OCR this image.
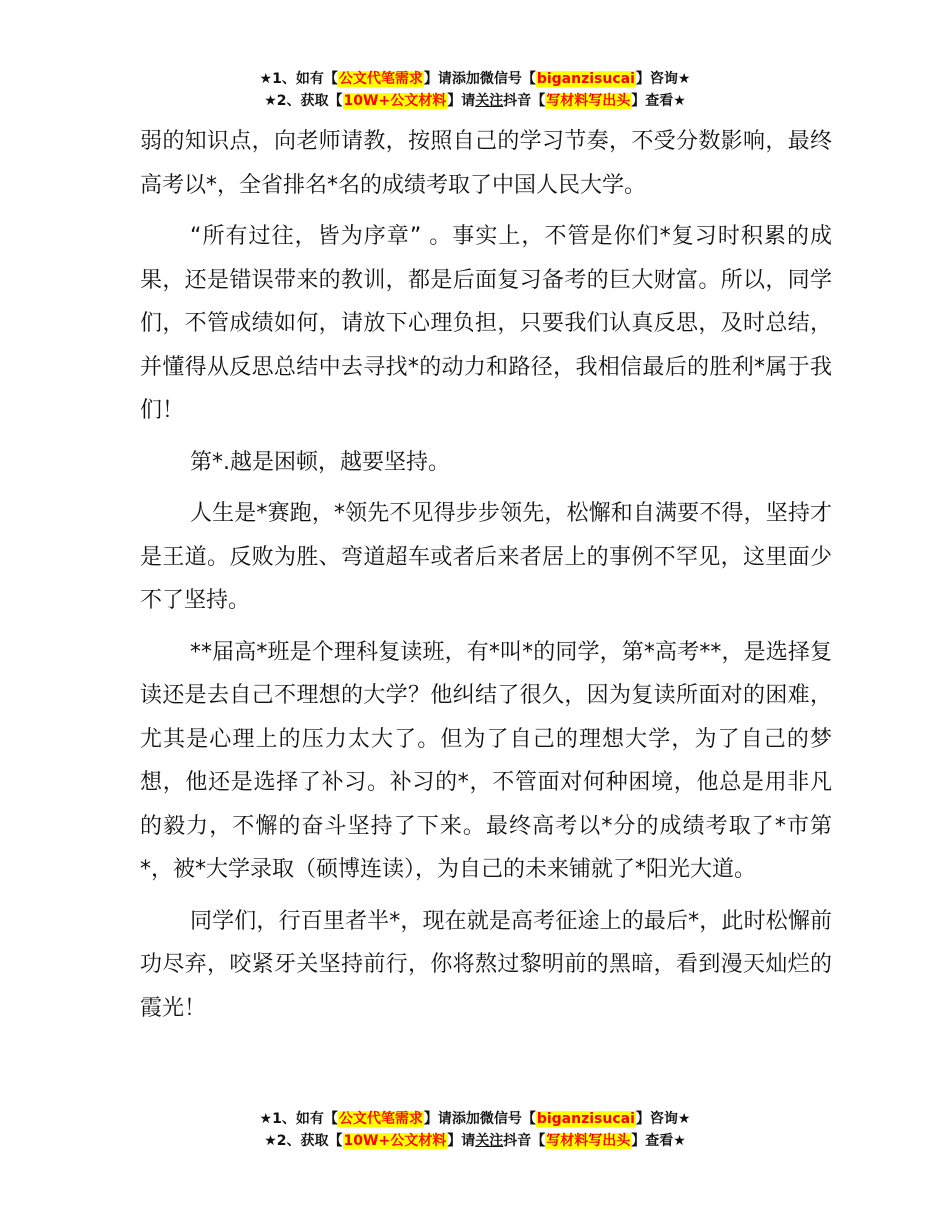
★1、如有【公文代笔需求】请添加微信号【biganzisucai】咨询★
★2、获取【10W+公文材料】请关注抖音【写材料写出头】查看★

弱的知识点，向老师请教，按照自己的学习节奏，不受分数影响，最终高考以*，全省排名*名的成绩考取了中国人民大学。

“所有过往，皆为序章” 。事实上，不管是你们*复习时积累的成果，还是错误带来的教训，都是后面复习备考的巨大财富。所以，同学们，不管成绩如何，请放下心理负担，只要我们认真反思，及时总结，并懂得从反思总结中去寻找*的动力和路径，我相信最后的胜利*属于我们！

第*.越是困顿，越要坚持。

人生是*赛跑，*领先不见得步步领先，松懈和自满要不得，坚持才是王道。反败为胜、弯道超车或者后来者居上的事例不罕见，这里面少不了坚持。

**届高*班是个理科复读班，有*叫*的同学，第*高考**，是选择复读还是去自己不理想的大学？他纠结了很久，因为复读所面对的困难，尤其是心理上的压力太大了。但为了自己的理想大学，为了自己的梦想，他还是选择了补习。补习的*，不管面对何种困境，他总是用非凡的毅力，不懈的奋斗坚持了下来。最终高考以*分的成绩考取了*市第*，被*大学录取（硕博连读），为自己的未来铺就了*阳光大道。

同学们，行百里者半*，现在就是高考征途上的最后*，此时松懈前功尽弃，咬紧牙关坚持前行，你将熬过黎明前的黑暗，看到漫天灿烂的霞光！

★1、如有【公文代笔需求】请添加微信号【biganzisucai】咨询★
★2、获取【10W+公文材料】请关注抖音【写材料写出头】查看★
